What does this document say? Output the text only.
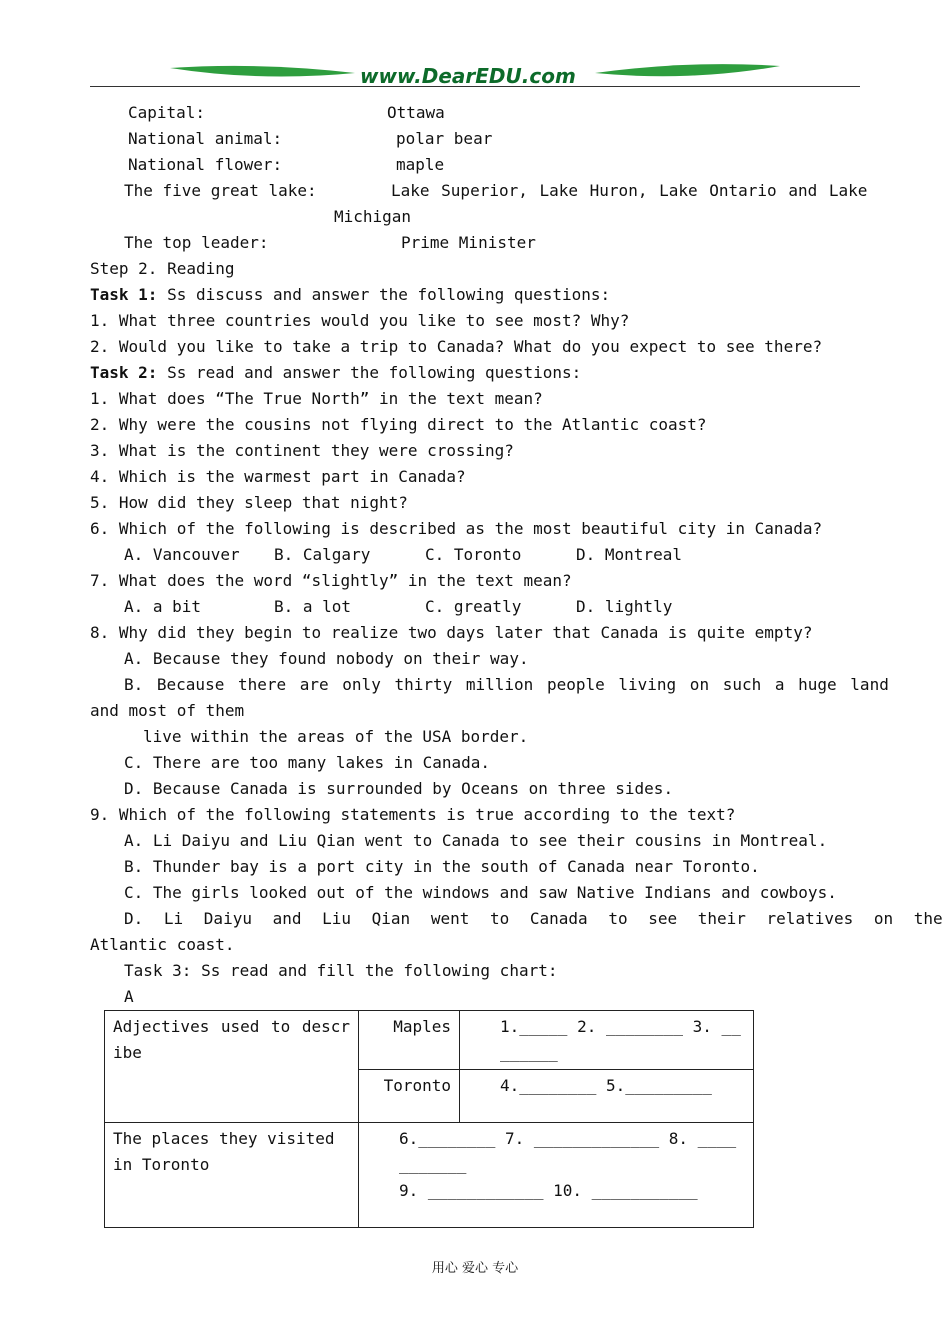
www.DearEDU.com
Capital:	Ottawa
National animal:	polar bear
National flower:	maple
The five great lake:	Lake Superior, Lake Huron, Lake Ontario and Lake
Michigan
The top leader:	Prime Minister
Step 2. Reading
Task 1: Ss discuss and answer the following questions:
1. What three countries would you like to see most? Why?
2. Would you like to take a trip to Canada? What do you expect to see there?
Task 2: Ss read and answer the following questions:
1. What does “The True North” in the text mean?
2. Why were the cousins not flying direct to the Atlantic coast?
3. What is the continent they were crossing?
4. Which is the warmest part in Canada?
5. How did they sleep that night?
6. Which of the following is described as the most beautiful city in Canada?
A. Vancouver B. Calgary	C. Toronto	D. Montreal
7. What does the word “slightly” in the text mean?
A. a bit	B. a lot	C. greatly	D. lightly
8. Why did they begin to realize two days later that Canada is quite empty?
A. Because they found nobody on their way.
B. Because there are only thirty million people living on such a huge land
and most of them
live within the areas of the USA border.
C. There are too many lakes in Canada.
D. Because Canada is surrounded by Oceans on three sides.
9. Which of the following statements is true according to the text?
A. Li Daiyu and Liu Qian went to Canada to see their cousins in Montreal.
B. Thunder bay is a port city in the south of Canada near Toronto.
C. The girls looked out of the windows and saw Native Indians and cowboys.
D. Li Daiyu and Liu Qian went to Canada to see their relatives on the
Atlantic coast.
Task 3: Ss read and fill the following chart:
A
Adjectives used to describe	Maples	1._____ 2. ________ 3. ________
	Toronto	4.________ 5._________
The places they visited in Toronto	6.________ 7. _____________ 8. ___________
9. ____________ 10. ___________	
用心 爱心 专心
